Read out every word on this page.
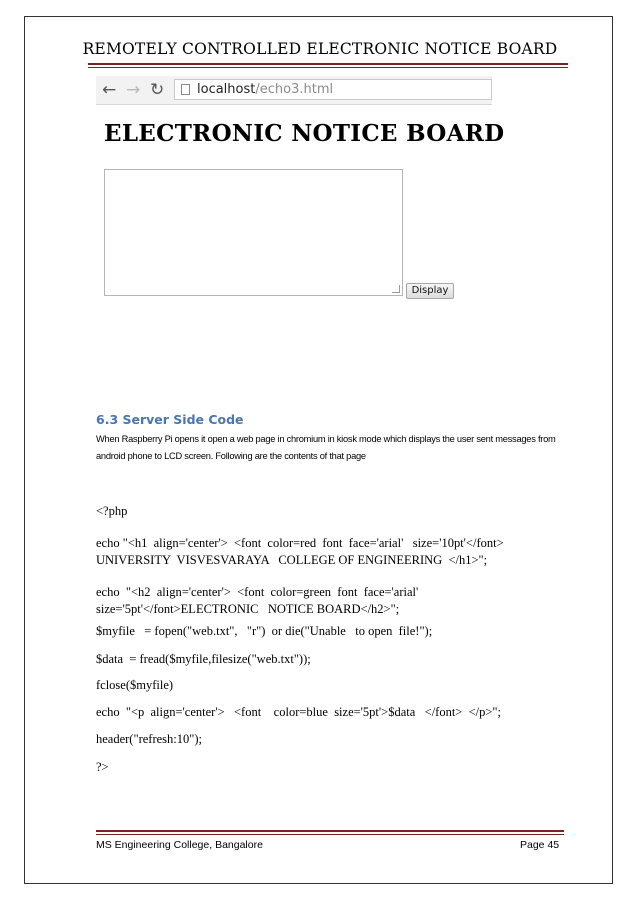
REMOTELY CONTROLLED ELECTRONIC NOTICE BOARD
← → ↻	localhost/echo3.html
ELECTRONIC NOTICE BOARD
Display
6.3 Server Side Code
When Raspberry Pi opens it open a web page in chromium in kiosk mode which displays the user sent messages from android phone to LCD screen. Following are the contents of that page
<?php
echo "<h1  align='center'>  <font  color=red  font  face='arial'   size='10pt'</font>
UNIVERSITY  VISVESVARAYA   COLLEGE OF ENGINEERING  </h1>";
echo  "<h2  align='center'>  <font  color=green  font  face='arial'
size='5pt'</font>ELECTRONIC   NOTICE BOARD</h2>";
$myfile   = fopen("web.txt",   "r")  or die("Unable   to open  file!");
$data  = fread($myfile,filesize("web.txt"));
fclose($myfile)
echo  "<p  align='center'>   <font    color=blue  size='5pt'>$data   </font>  </p>";
header("refresh:10");
?>
MS Engineering College, Bangalore	Page 45
